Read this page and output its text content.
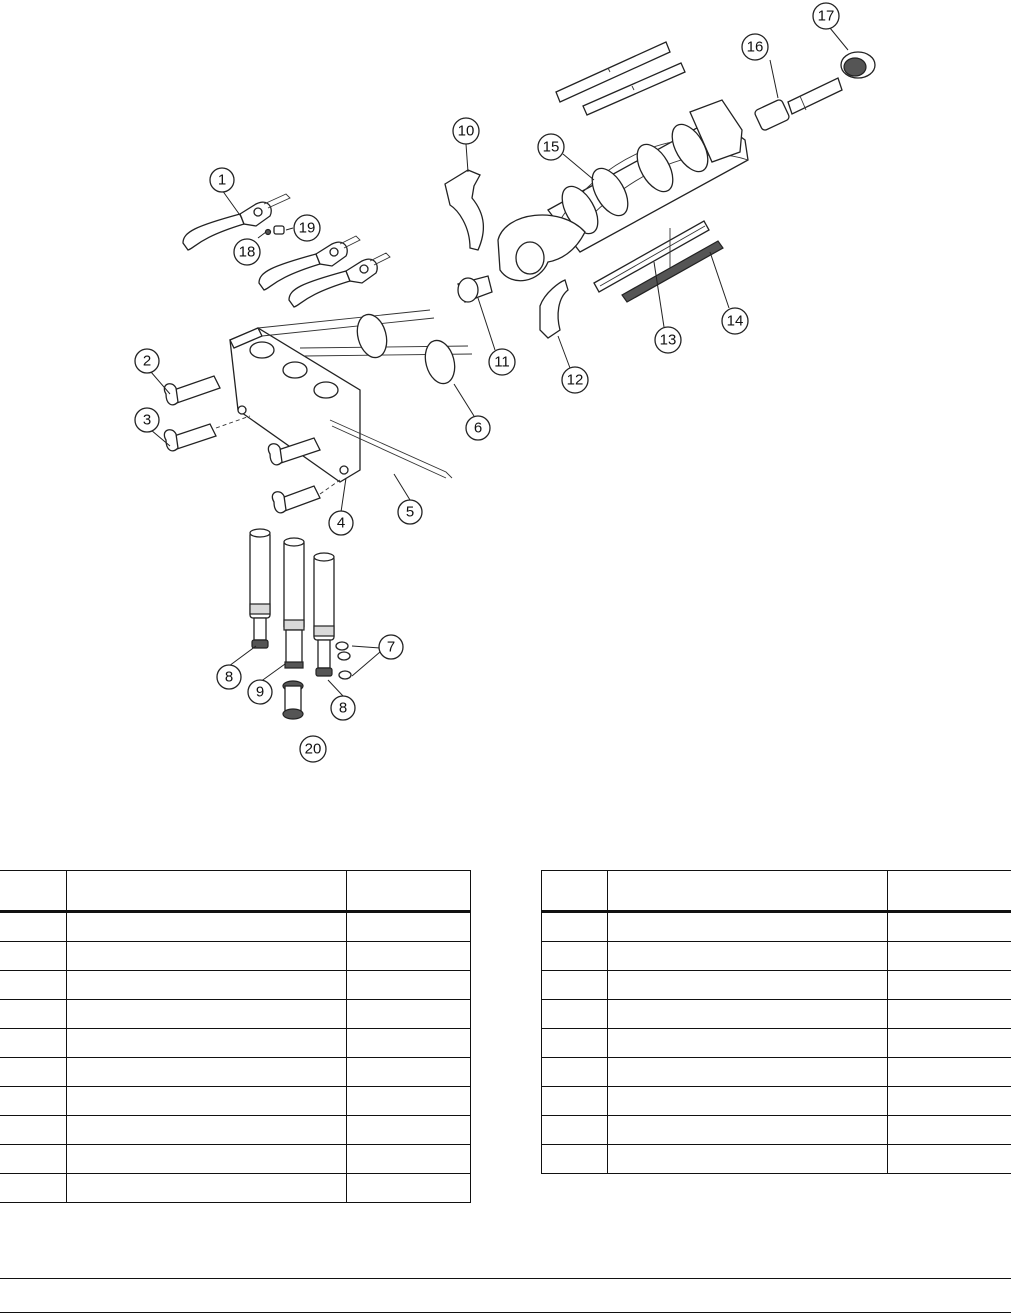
1
2
3
4
5
6
7
8
8
9
10
11
12
13
14
15
16
17
18
19
20
